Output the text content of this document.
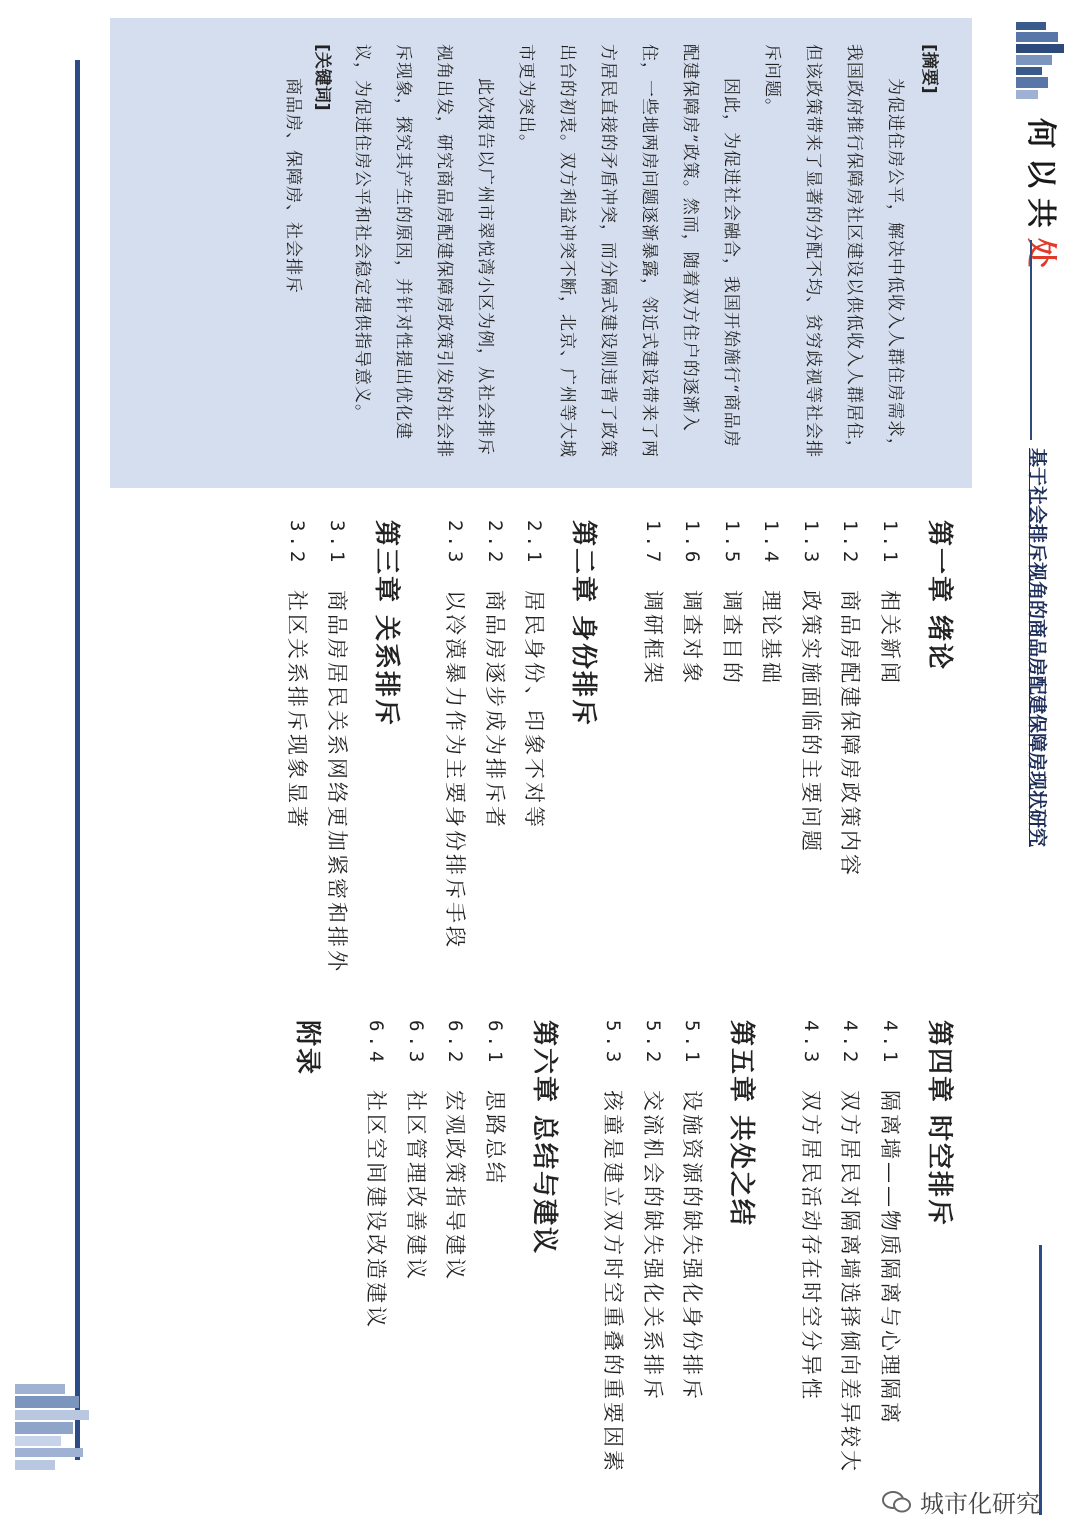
何以共处
基于社会排斥视角的商品房配建保障房现状研究

[摘要]

为促进住房公平，解决中低收入人群住房需求，我国政府推行保障房社区建设以供低收入人群居住，但该政策带来了显著的分配不均、贫穷歧视等社会排斥问题。

因此，为促进社会融合，我国开始施行“商品房配建保障房”政策。然而，随着双方住户的逐渐入住，一些地两房问题逐渐暴露，邻近式建设带来了两方居民直接的矛盾冲突，而分隔式建设则违背了政策出台的初衷。双方利益冲突不断，北京、广州等大城市更为突出。

此次报告以广州市翠悦湾小区为例，从社会排斥视角出发，研究商品房配建保障房政策引发的社会排斥现象，探究其产生的原因，并针对性提出优化建议，为促进住房公平和社会稳定提供指导意义。

[关键词]

商品房、保障房、社会排斥

第一章 绪论
1.1
相关新闻
1.2
商品房配建保障房政策内容
1.3
政策实施面临的主要问题
1.4
理论基础
1.5
调查目的
1.6
调查对象
1.7
调研框架
第二章 身份排斥
2.1
居民身份、印象不对等
2.2
商品房逐步成为排斥者
2.3
以冷漠暴力作为主要身份排斥手段
第三章 关系排斥
3.1
商品房居民关系网络更加紧密和排外
3.2
社区关系排斥现象显著
第四章 时空排斥
4.1
隔离墙——物质隔离与心理隔离
4.2
双方居民对隔离墙选择倾向差异较大
4.3
双方居民活动存在时空分异性
第五章 共处之结
5.1
设施资源的缺失强化身份排斥
5.2
交流机会的缺失强化关系排斥
5.3
孩童是建立双方时空重叠的重要因素
第六章 总结与建议
6.1
思路总结
6.2
宏观政策指导建议
6.3
社区管理改善建议
6.4
社区空间建设改造建议
附录
城市化研究
